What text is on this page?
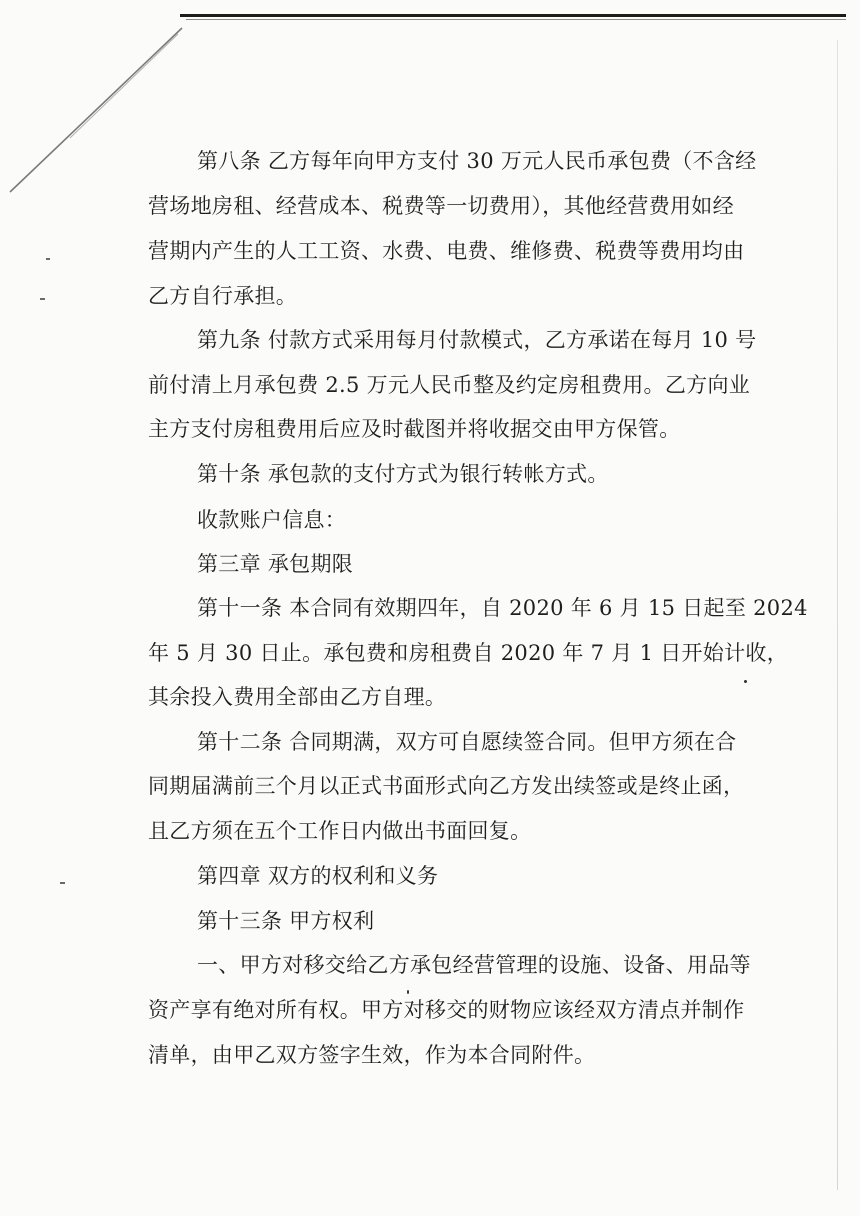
第八条 乙方每年向甲方支付 30 万元人民币承包费（不含经
营场地房租、经营成本、税费等一切费用），其他经营费用如经
营期内产生的人工工资、水费、电费、维修费、税费等费用均由
乙方自行承担。
第九条 付款方式采用每月付款模式，乙方承诺在每月 10 号
前付清上月承包费 2.5 万元人民币整及约定房租费用。乙方向业
主方支付房租费用后应及时截图并将收据交由甲方保管。
第十条 承包款的支付方式为银行转帐方式。
收款账户信息：
第三章 承包期限
第十一条 本合同有效期四年，自 2020 年 6 月 15 日起至 2024
年 5 月 30 日止。承包费和房租费自 2020 年 7 月 1 日开始计收，
其余投入费用全部由乙方自理。
第十二条 合同期满，双方可自愿续签合同。但甲方须在合
同期届满前三个月以正式书面形式向乙方发出续签或是终止函，
且乙方须在五个工作日内做出书面回复。
第四章 双方的权利和义务
第十三条 甲方权利
一、甲方对移交给乙方承包经营管理的设施、设备、用品等
资产享有绝对所有权。甲方对移交的财物应该经双方清点并制作
清单，由甲乙双方签字生效，作为本合同附件。
